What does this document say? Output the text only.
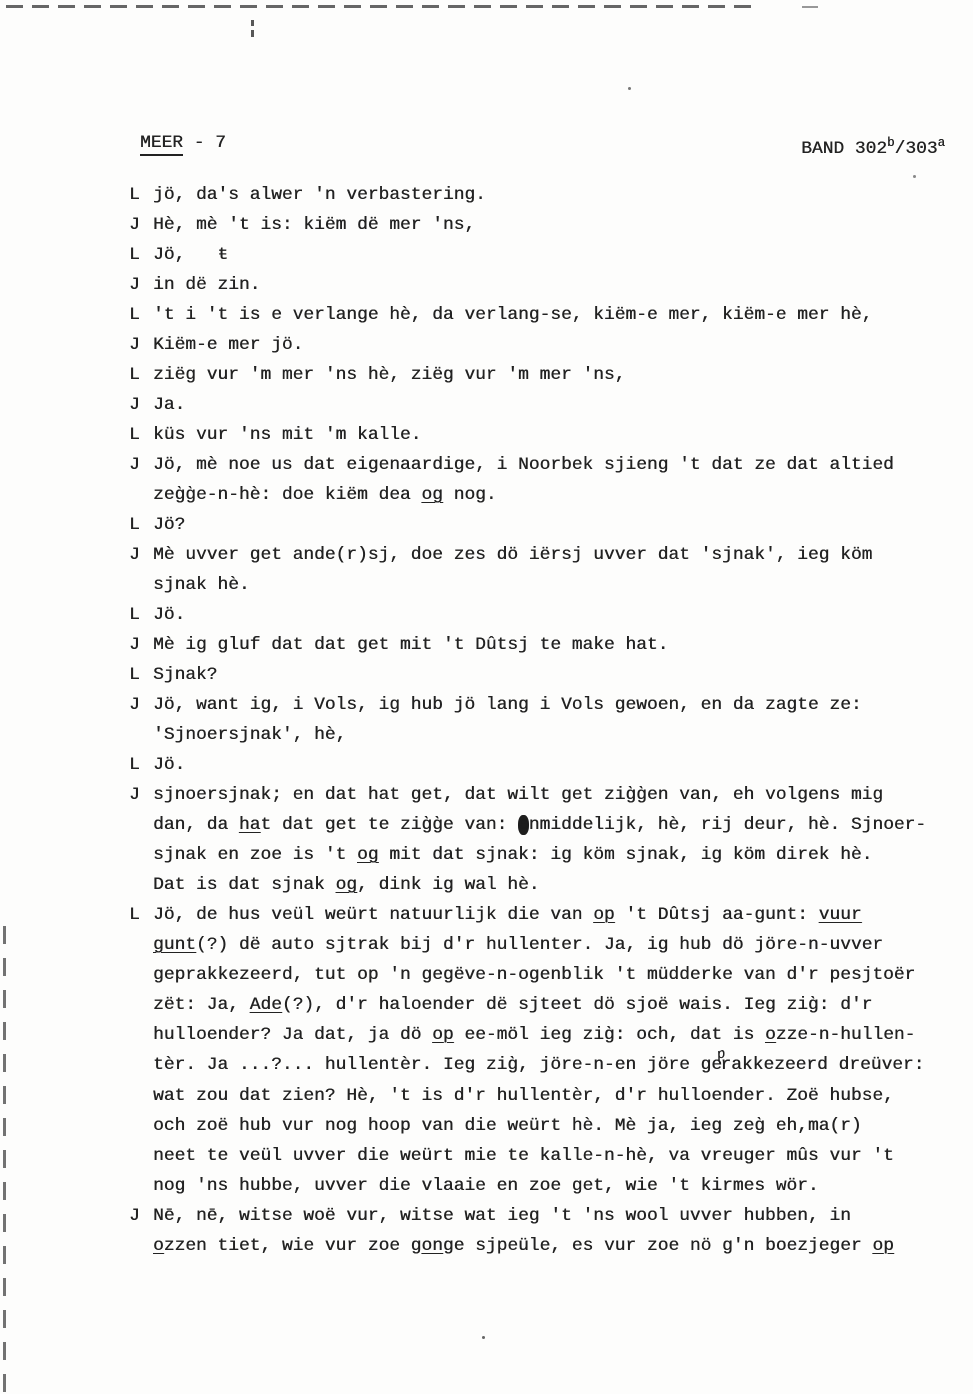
MEER - 7	BAND 302$^b$/303$^a$
L jö, da's alwer 'n verbastering.
J Hè, mè 't is: kiëm dë mer 'ns,
L Jö,   ŧ
J in dë zin.
L 't i 't is e verlange hè, da verlang-se, kiëm-e mer, kiëm-e mer hè,
J Kiëm-e mer jö.
L ziëg vur 'm mer 'ns hè, ziëg vur 'm mer 'ns,
J Ja.
L küs vur 'ns mit 'm kalle.
J Jö, mè noe us dat eigenaardige, i Noorbek sjieng 't dat ze dat altied
zeg̀g̀e-n-hè: doe kiëm dea og nog.
L Jö?
J Mè uvver get ande(r)sj, doe zes dö iërsj uvver dat 'sjnak', ieg köm
sjnak hè.
L Jö.
J Mè ig gluf dat dat get mit 't Dûtsj te make hat.
L Sjnak?
J Jö, want ig, i Vols, ig hub jö lang i Vols gewoen, en da zagte ze:
'Sjnoersjnak', hè,
L Jö.
J sjnoersjnak; en dat hat get, dat wilt get zig̀g̀en van, eh volgens mig
dan, da hat dat get te zig̀g̀e van: enmiddelijk, hè, rij deur, hè. Sjnoer-
sjnak en zoe is 't og mit dat sjnak: ig köm sjnak, ig köm direk hè.
Dat is dat sjnak og, dink ig wal hè.
L Jö, de hus veül weürt natuurlijk die van op 't Dûtsj aa-gunt: vuur
gunt(?) dë auto sjtrak bij d'r hullenter. Ja, ig hub dö jöre-n-uvver
geprakkezeerd, tut op 'n gegëve-n-ogenblik 't müdderke van d'r pesjtoër
zët: Ja, Ade(?), d'r haloender dë sjteet dö sjoë wais. Ieg zig̀: d'r
hulloender? Ja dat, ja dö op ee-möl ieg zig̀: och, dat is ozze-n-hullen-
tèr. Ja ...?... hullentèr. Ieg zig̀, jöre-n-en jöre geprakkezeerd dreüver:
wat zou dat zien? Hè, 't is d'r hullentèr, d'r hulloender. Zoë hubse,
och zoë hub vur nog hoop van die weürt hè. Mè ja, ieg zeg̀ eh,ma(r)
neet te veül uvver die weürt mie te kalle-n-hè, va vreuger mûs vur 't
nog 'ns hubbe, uvver die vlaaie en zoe get, wie 't kirmes wör.
J Nē, nē, witse woë vur, witse wat ieg 't 'ns wool uvver hubben, in
ozzen tiet, wie vur zoe gonge sjpeüle, es vur zoe nö g'n boezjeger op
